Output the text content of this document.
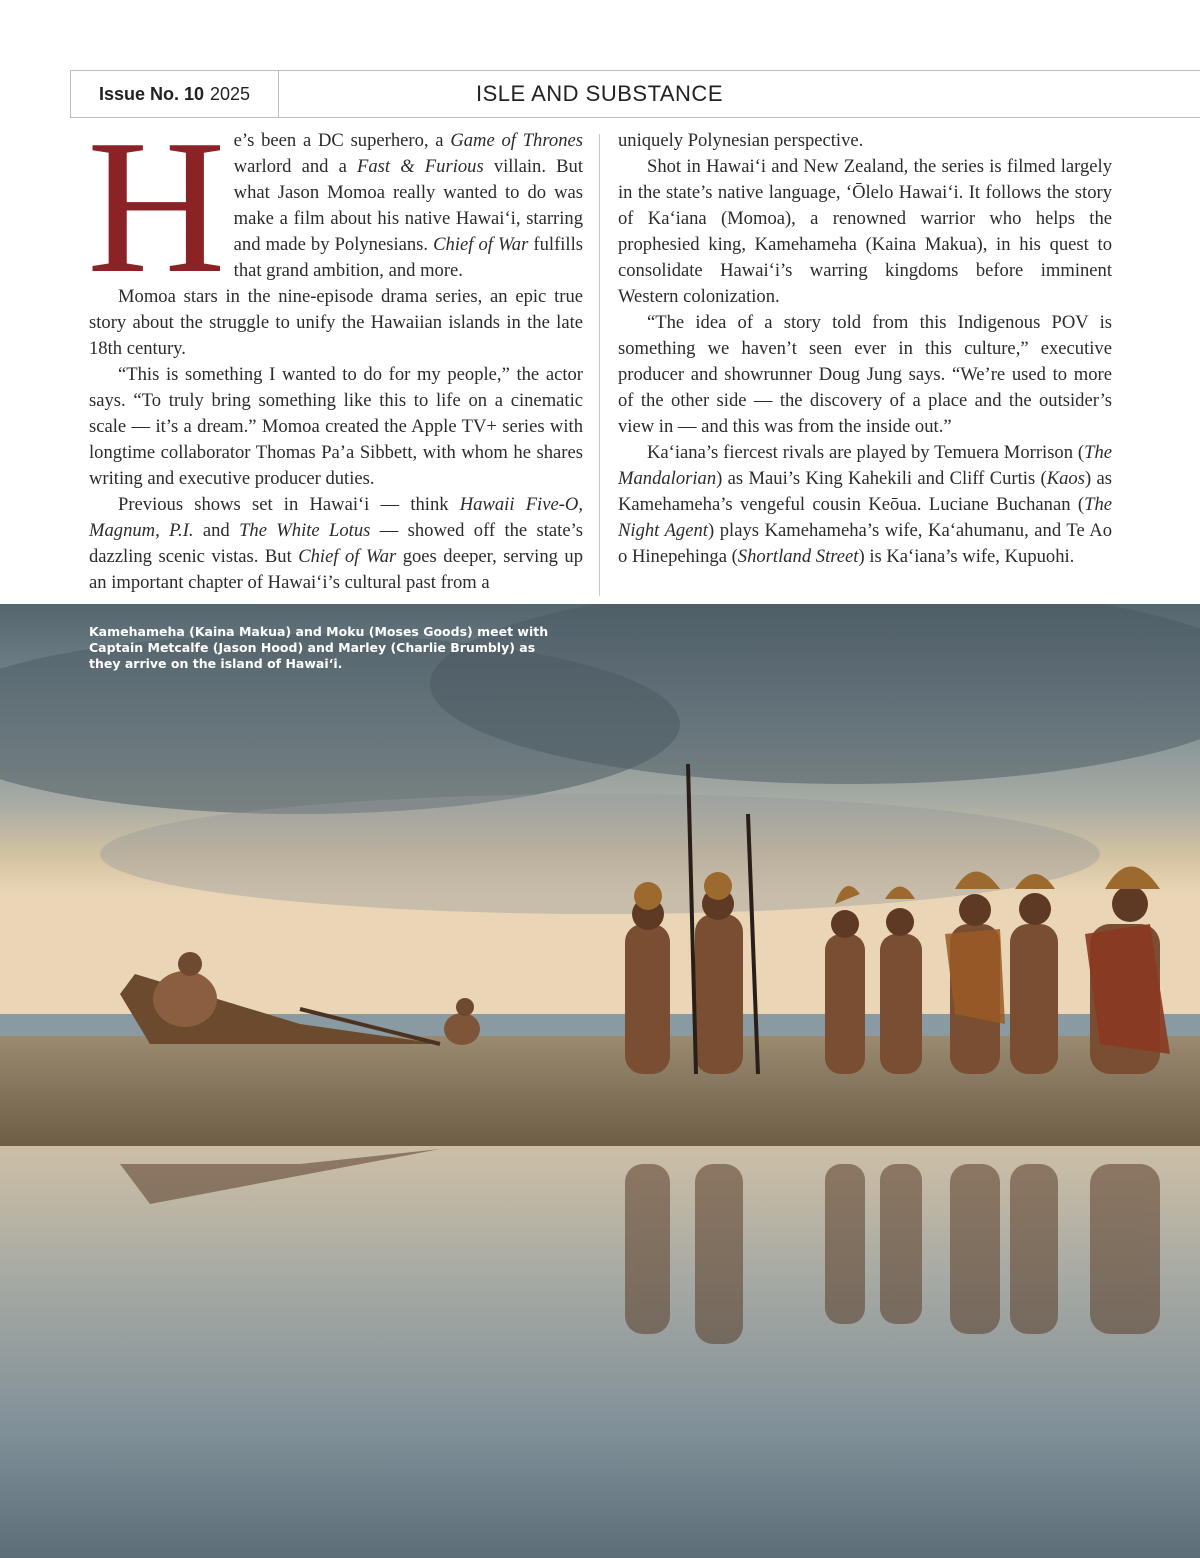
Issue No. 10 2025	ISLE AND SUBSTANCE

He’s been a DC superhero, a Game of Thrones warlord and a Fast & Furious villain. But what Jason Momoa really wanted to do was make a film about his native Hawai‘i, starring and made by Polynesians. Chief of War fulfills that grand ambition, and more.

Momoa stars in the nine-episode drama series, an epic true story about the struggle to unify the Hawaiian islands in the late 18th century.

“This is something I wanted to do for my people,” the actor says. “To truly bring something like this to life on a cinematic scale — it’s a dream.” Momoa created the Apple TV+ series with longtime collaborator Thomas Pa’a Sibbett, with whom he shares writing and executive producer duties.

Previous shows set in Hawai‘i — think Hawaii Five-O, Magnum, P.I. and The White Lotus — showed off the state’s dazzling scenic vistas. But Chief of War goes deeper, serving up an important chapter of Hawai‘i’s cultural past from a

uniquely Polynesian perspective.

Shot in Hawai‘i and New Zealand, the series is filmed largely in the state’s native language, ‘Ōlelo Hawai‘i. It follows the story of Ka‘iana (Momoa), a renowned warrior who helps the prophesied king, Kamehameha (Kaina Makua), in his quest to consolidate Hawai‘i’s warring kingdoms before imminent Western colonization.

“The idea of a story told from this Indigenous POV is something we haven’t seen ever in this culture,” executive producer and showrunner Doug Jung says. “We’re used to more of the other side — the discovery of a place and the outsider’s view in — and this was from the inside out.”

Ka‘iana’s fiercest rivals are played by Temuera Morrison (The Mandalorian) as Maui’s King Kahekili and Cliff Curtis (Kaos) as Kamehameha’s vengeful cousin Keōua. Luciane Buchanan (The Night Agent) plays Kamehameha’s wife, Ka‘ahumanu, and Te Ao o Hinepehinga (Shortland Street) is Ka‘iana’s wife, Kupuohi.

Kamehameha (Kaina Makua) and Moku (Moses Goods) meet with Captain Metcalfe (Jason Hood) and Marley (Charlie Brumbly) as they arrive on the island of Hawai‘i.
